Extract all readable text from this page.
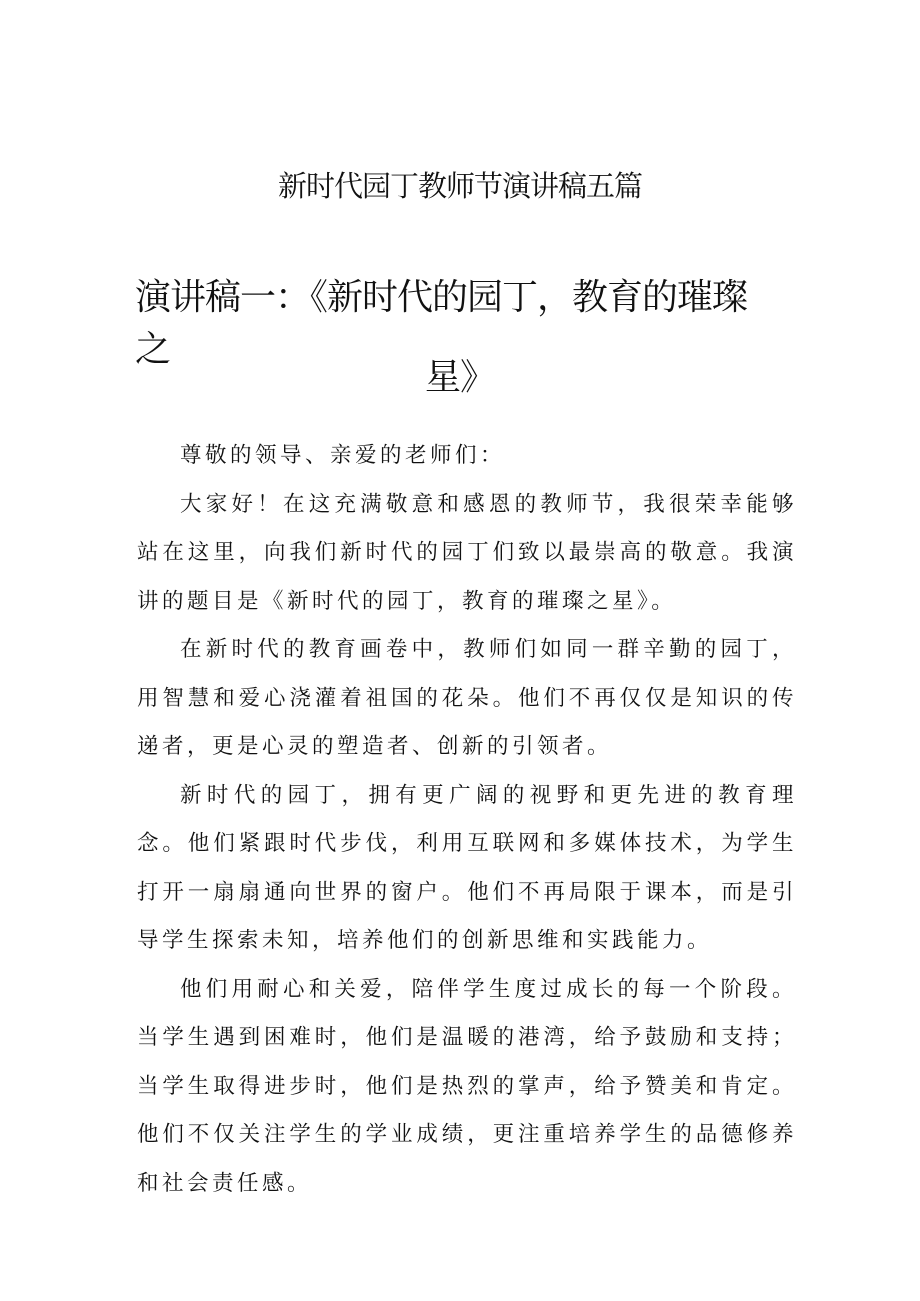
新时代园丁教师节演讲稿五篇
演讲稿一：《新时代的园丁，教育的璀璨之
星》

尊敬的领导、亲爱的老师们：

大家好！在这充满敬意和感恩的教师节，我很荣幸能够站在这里，向我们新时代的园丁们致以最崇高的敬意。我演讲的题目是《新时代的园丁，教育的璀璨之星》。

在新时代的教育画卷中，教师们如同一群辛勤的园丁，用智慧和爱心浇灌着祖国的花朵。他们不再仅仅是知识的传递者，更是心灵的塑造者、创新的引领者。

新时代的园丁，拥有更广阔的视野和更先进的教育理念。他们紧跟时代步伐，利用互联网和多媒体技术，为学生打开一扇扇通向世界的窗户。他们不再局限于课本，而是引导学生探索未知，培养他们的创新思维和实践能力。

他们用耐心和关爱，陪伴学生度过成长的每一个阶段。当学生遇到困难时，他们是温暖的港湾，给予鼓励和支持；当学生取得进步时，他们是热烈的掌声，给予赞美和肯定。他们不仅关注学生的学业成绩，更注重培养学生的品德修养和社会责任感。
